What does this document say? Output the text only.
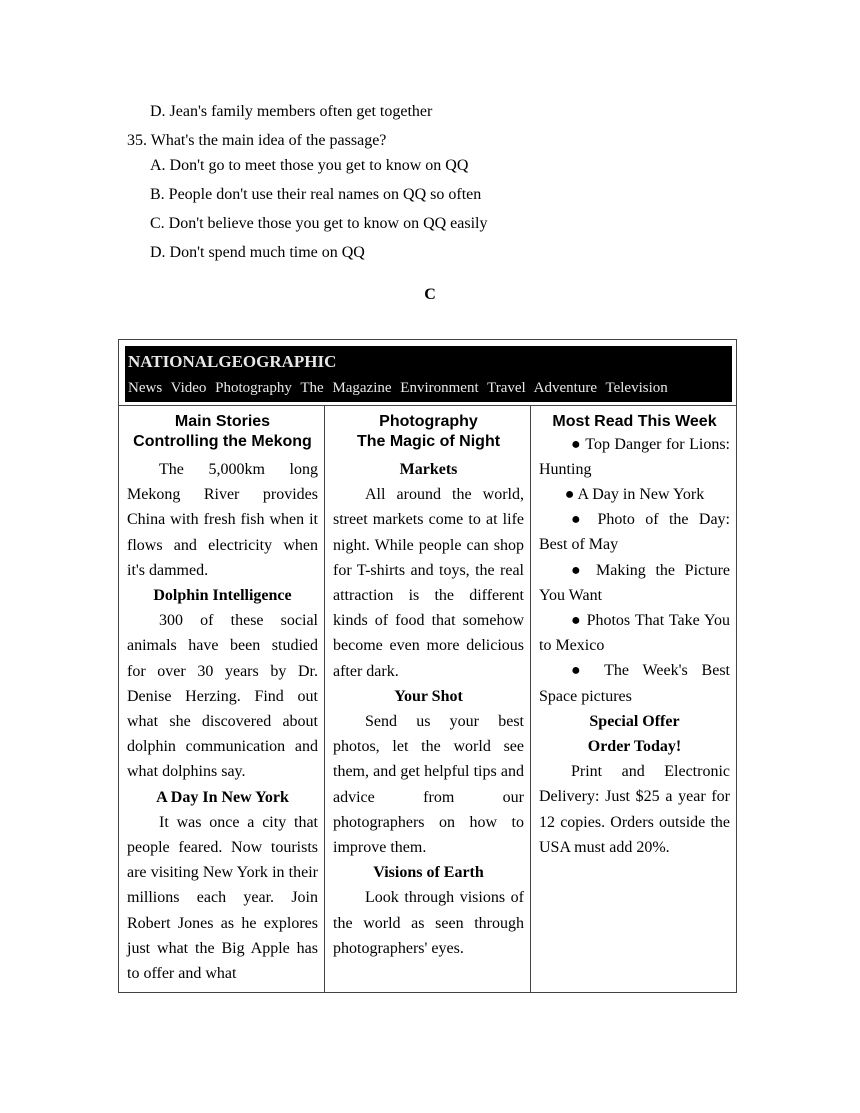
D. Jean's family members often get together
35. What's the main idea of the passage?
A. Don't go to meet those you get to know on QQ
B. People don't use their real names on QQ so often
C. Don't believe those you get to know on QQ easily
D. Don't spend much time on QQ
C
NATIONALGEOGRAPHIC
News Video Photography The Magazine Environment Travel Adventure Television
Main Stories
Controlling the Mekong
The 5,000km long Mekong River provides China with fresh fish when it flows and electricity when it's dammed.
Dolphin Intelligence
300 of these social animals have been studied for over 30 years by Dr. Denise Herzing. Find out what she discovered about dolphin communication and what dolphins say.
A Day In New York
It was once a city that people feared. Now tourists are visiting New York in their millions each year. Join Robert Jones as he explores just what the Big Apple has to offer and what
Photography
The Magic of Night
Markets
All around the world, street markets come to at life night. While people can shop for T-shirts and toys, the real attraction is the different kinds of food that somehow become even more delicious after dark.
Your Shot
Send us your best photos, let the world see them, and get helpful tips and advice from our photographers on how to improve them.
Visions of Earth
Look through visions of the world as seen through photographers' eyes.
Most Read This Week
● Top Danger for Lions: Hunting
● A Day in New York
● Photo of the Day: Best of May
● Making the Picture You Want
● Photos That Take You to Mexico
● The Week's Best Space pictures
Special Offer
Order Today!
Print and Electronic Delivery: Just $25 a year for 12 copies. Orders outside the USA must add 20%.
